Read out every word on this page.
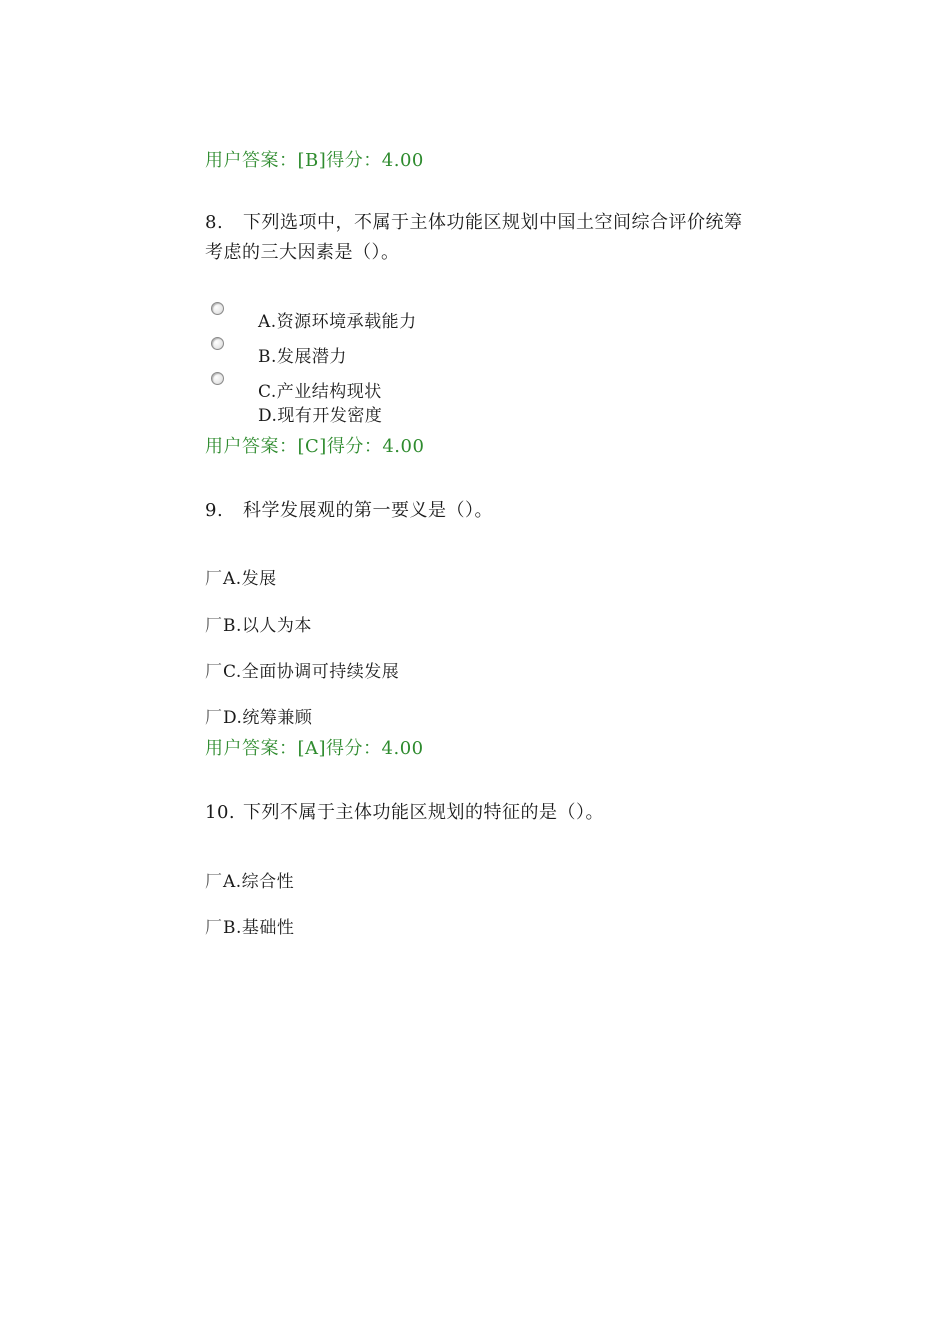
用户答案：[B]得分：4.00
8. 下列选项中，不属于主体功能区规划中国土空间综合评价统筹
考虑的三大因素是（）。
A.资源环境承载能力
B.发展潜力
C.产业结构现状
D.现有开发密度
用户答案：[C]得分：4.00
9. 科学发展观的第一要义是（）。
厂A.发展
厂B.以人为本
厂C.全面协调可持续发展
厂D.统筹兼顾
用户答案：[A]得分：4.00
10. 下列不属于主体功能区规划的特征的是（）。
厂A.综合性
厂B.基础性
